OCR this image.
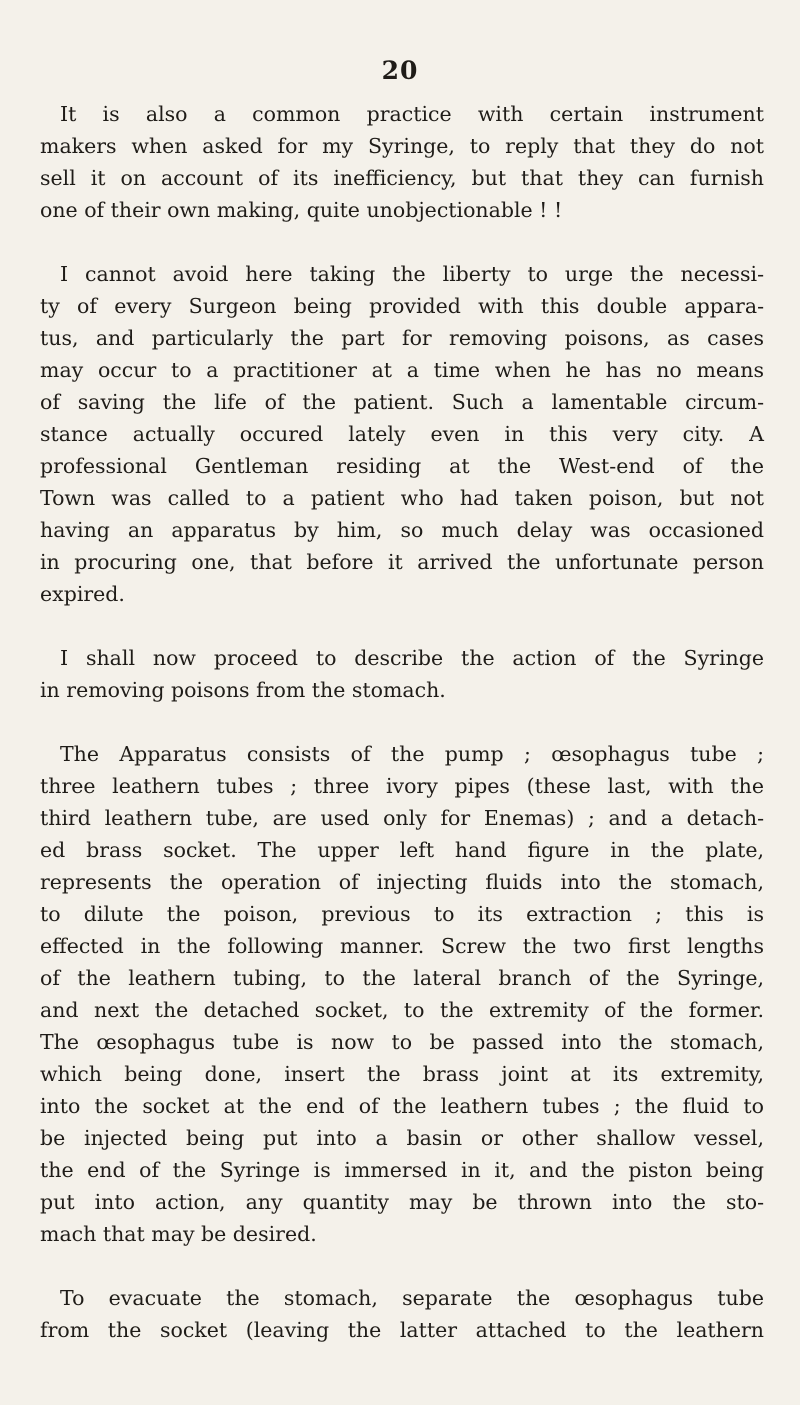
20
It is also a common practice with certain instrument
makers when asked for my Syringe, to reply that they do not
sell it on account of its inefficiency, but that they can furnish
one of their own making, quite unobjectionable ! !
I cannot avoid here taking the liberty to urge the necessi-
ty of every Surgeon being provided with this double appara-
tus, and particularly the part for removing poisons, as cases
may occur to a practitioner at a time when he has no means
of saving the life of the patient. Such a lamentable circum-
stance actually occured lately even in this very city. A
professional Gentleman residing at the West-end of the
Town was called to a patient who had taken poison, but not
having an apparatus by him, so much delay was occasioned
in procuring one, that before it arrived the unfortunate person
expired.
I shall now proceed to describe the action of the Syringe
in removing poisons from the stomach.
The Apparatus consists of the pump ; œsophagus tube ;
three leathern tubes ; three ivory pipes (these last, with the
third leathern tube, are used only for Enemas) ; and a detach-
ed brass socket. The upper left hand figure in the plate,
represents the operation of injecting fluids into the stomach,
to dilute the poison, previous to its extraction ; this is
effected in the following manner. Screw the two first lengths
of the leathern tubing, to the lateral branch of the Syringe,
and next the detached socket, to the extremity of the former.
The œsophagus tube is now to be passed into the stomach,
which being done, insert the brass joint at its extremity,
into the socket at the end of the leathern tubes ; the fluid to
be injected being put into a basin or other shallow vessel,
the end of the Syringe is immersed in it, and the piston being
put into action, any quantity may be thrown into the sto-
mach that may be desired.
To evacuate the stomach, separate the œsophagus tube
from the socket (leaving the latter attached to the leathern
